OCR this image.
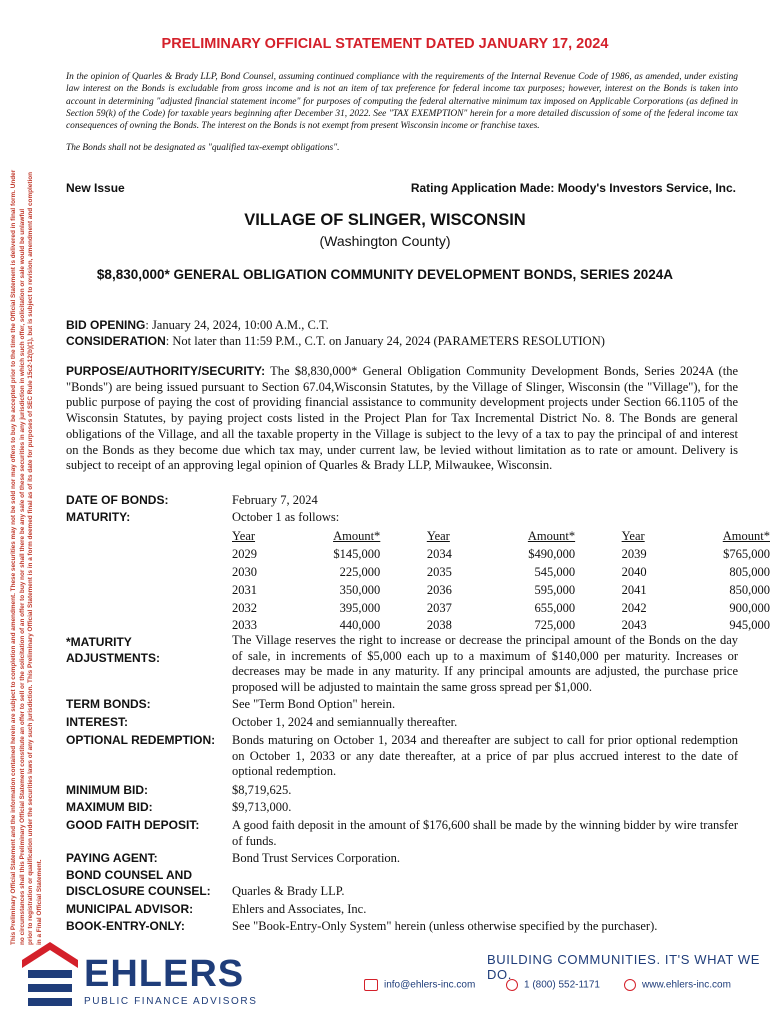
This Preliminary Official Statement and the information contained herein are subject to completion and amendment. These securities may not be sold nor may offers to buy be accepted prior to the time the Official Statement is delivered in final form. Under no circumstances shall this Preliminary Official Statement constitute an offer to sell or the solicitation of an offer to buy nor shall there be any sale of these securities in any jurisdiction in which such offer, solicitation or sale would be unlawful prior to registration or qualification under the securities laws of any such jurisdiction. This Preliminary Official Statement is in a form deemed final as of its date for purposes of SEC Rule 15c2-12(b)(1), but is subject to revision, amendment and completion in a Final Official Statement.
PRELIMINARY OFFICIAL STATEMENT DATED JANUARY 17, 2024
In the opinion of Quarles & Brady LLP, Bond Counsel, assuming continued compliance with the requirements of the Internal Revenue Code of 1986, as amended, under existing law interest on the Bonds is excludable from gross income and is not an item of tax preference for federal income tax purposes; however, interest on the Bonds is taken into account in determining "adjusted financial statement income" for purposes of computing the federal alternative minimum tax imposed on Applicable Corporations (as defined in Section 59(k) of the Code) for taxable years beginning after December 31, 2022. See "TAX EXEMPTION" herein for a more detailed discussion of some of the federal income tax consequences of owning the Bonds. The interest on the Bonds is not exempt from present Wisconsin income or franchise taxes.
The Bonds shall not be designated as "qualified tax-exempt obligations".
New Issue	Rating Application Made: Moody's Investors Service, Inc.
VILLAGE OF SLINGER, WISCONSIN
(Washington County)
$8,830,000* GENERAL OBLIGATION COMMUNITY DEVELOPMENT BONDS, SERIES 2024A
BID OPENING: January 24, 2024, 10:00 A.M., C.T.
CONSIDERATION: Not later than 11:59 P.M., C.T. on January 24, 2024 (PARAMETERS RESOLUTION)
PURPOSE/AUTHORITY/SECURITY: The $8,830,000* General Obligation Community Development Bonds, Series 2024A (the "Bonds") are being issued pursuant to Section 67.04,Wisconsin Statutes, by the Village of Slinger, Wisconsin (the "Village"), for the public purpose of paying the cost of providing financial assistance to community development projects under Section 66.1105 of the Wisconsin Statutes, by paying project costs listed in the Project Plan for Tax Incremental District No. 8. The Bonds are general obligations of the Village, and all the taxable property in the Village is subject to the levy of a tax to pay the principal of and interest on the Bonds as they become due which tax may, under current law, be levied without limitation as to rate or amount. Delivery is subject to receipt of an approving legal opinion of Quarles & Brady LLP, Milwaukee, Wisconsin.
DATE OF BONDS:	February 7, 2024
MATURITY:	October 1 as follows:
Year	Amount*		Year	Amount*		Year	Amount*
2029	$145,000		2034	$490,000		2039	$765,000
2030	225,000		2035	545,000		2040	805,000
2031	350,000		2036	595,000		2041	850,000
2032	395,000		2037	655,000		2042	900,000
2033	440,000		2038	725,000		2043	945,000
*MATURITY
ADJUSTMENTS:
The Village reserves the right to increase or decrease the principal amount of the Bonds on the day of sale, in increments of $5,000 each up to a maximum of $140,000 per maturity. Increases or decreases may be made in any maturity. If any principal amounts are adjusted, the purchase price proposed will be adjusted to maintain the same gross spread per $1,000.
TERM BONDS:	See "Term Bond Option" herein.
INTEREST:	October 1, 2024 and semiannually thereafter.
OPTIONAL REDEMPTION: Bonds maturing on October 1, 2034 and thereafter are subject to call for prior optional redemption on October 1, 2033 or any date thereafter, at a price of par plus accrued interest to the date of optional redemption.
MINIMUM BID:	$8,719,625.
MAXIMUM BID:	$9,713,000.
GOOD FAITH DEPOSIT:	A good faith deposit in the amount of $176,600 shall be made by the winning bidder by wire transfer of funds.
PAYING AGENT:	Bond Trust Services Corporation.
BOND COUNSEL AND
DISCLOSURE COUNSEL: Quarles & Brady LLP.
MUNICIPAL ADVISOR:	Ehlers and Associates, Inc.
BOOK-ENTRY-ONLY:	See "Book-Entry-Only System" herein (unless otherwise specified by the purchaser).
EHLERS
PUBLIC FINANCE ADVISORS
BUILDING COMMUNITIES. IT'S WHAT WE DO.
info@ehlers-inc.com	1 (800) 552-1171	www.ehlers-inc.com
